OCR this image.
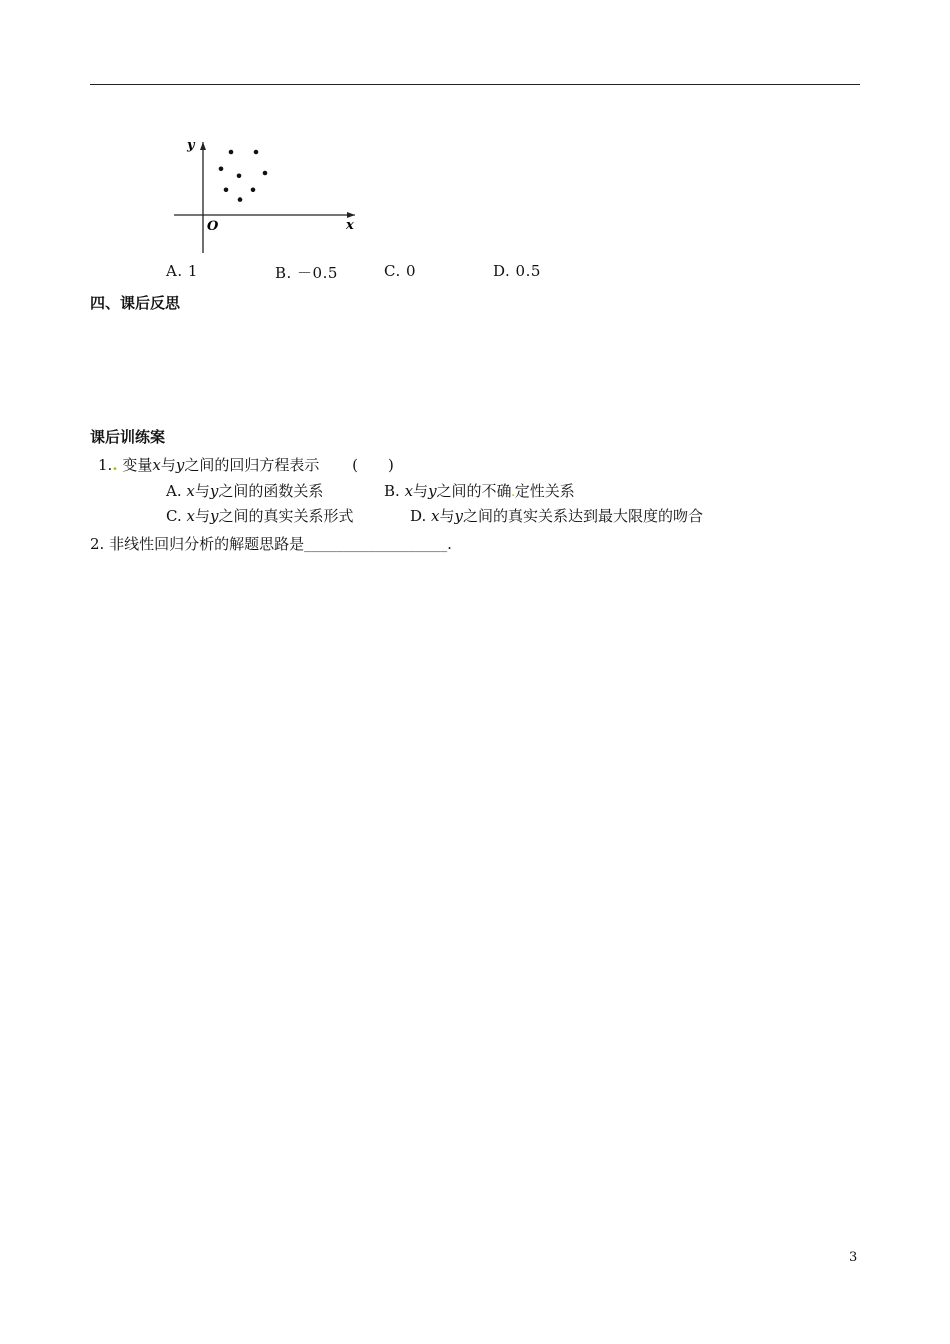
y
x
O
A. 1	B. －0.5	C. 0	D. 0.5
四、课后反思
课后训练案
1.. 变量x与y之间的回归方程表示 (　　)
A. x与y之间的函数关系	B. x与y之间的不确.定性关系
C. x与y之间的真实关系形式	D. x与y之间的真实关系达到最大限度的吻合
2. 非线性回归分析的解题思路是______________________.
3
